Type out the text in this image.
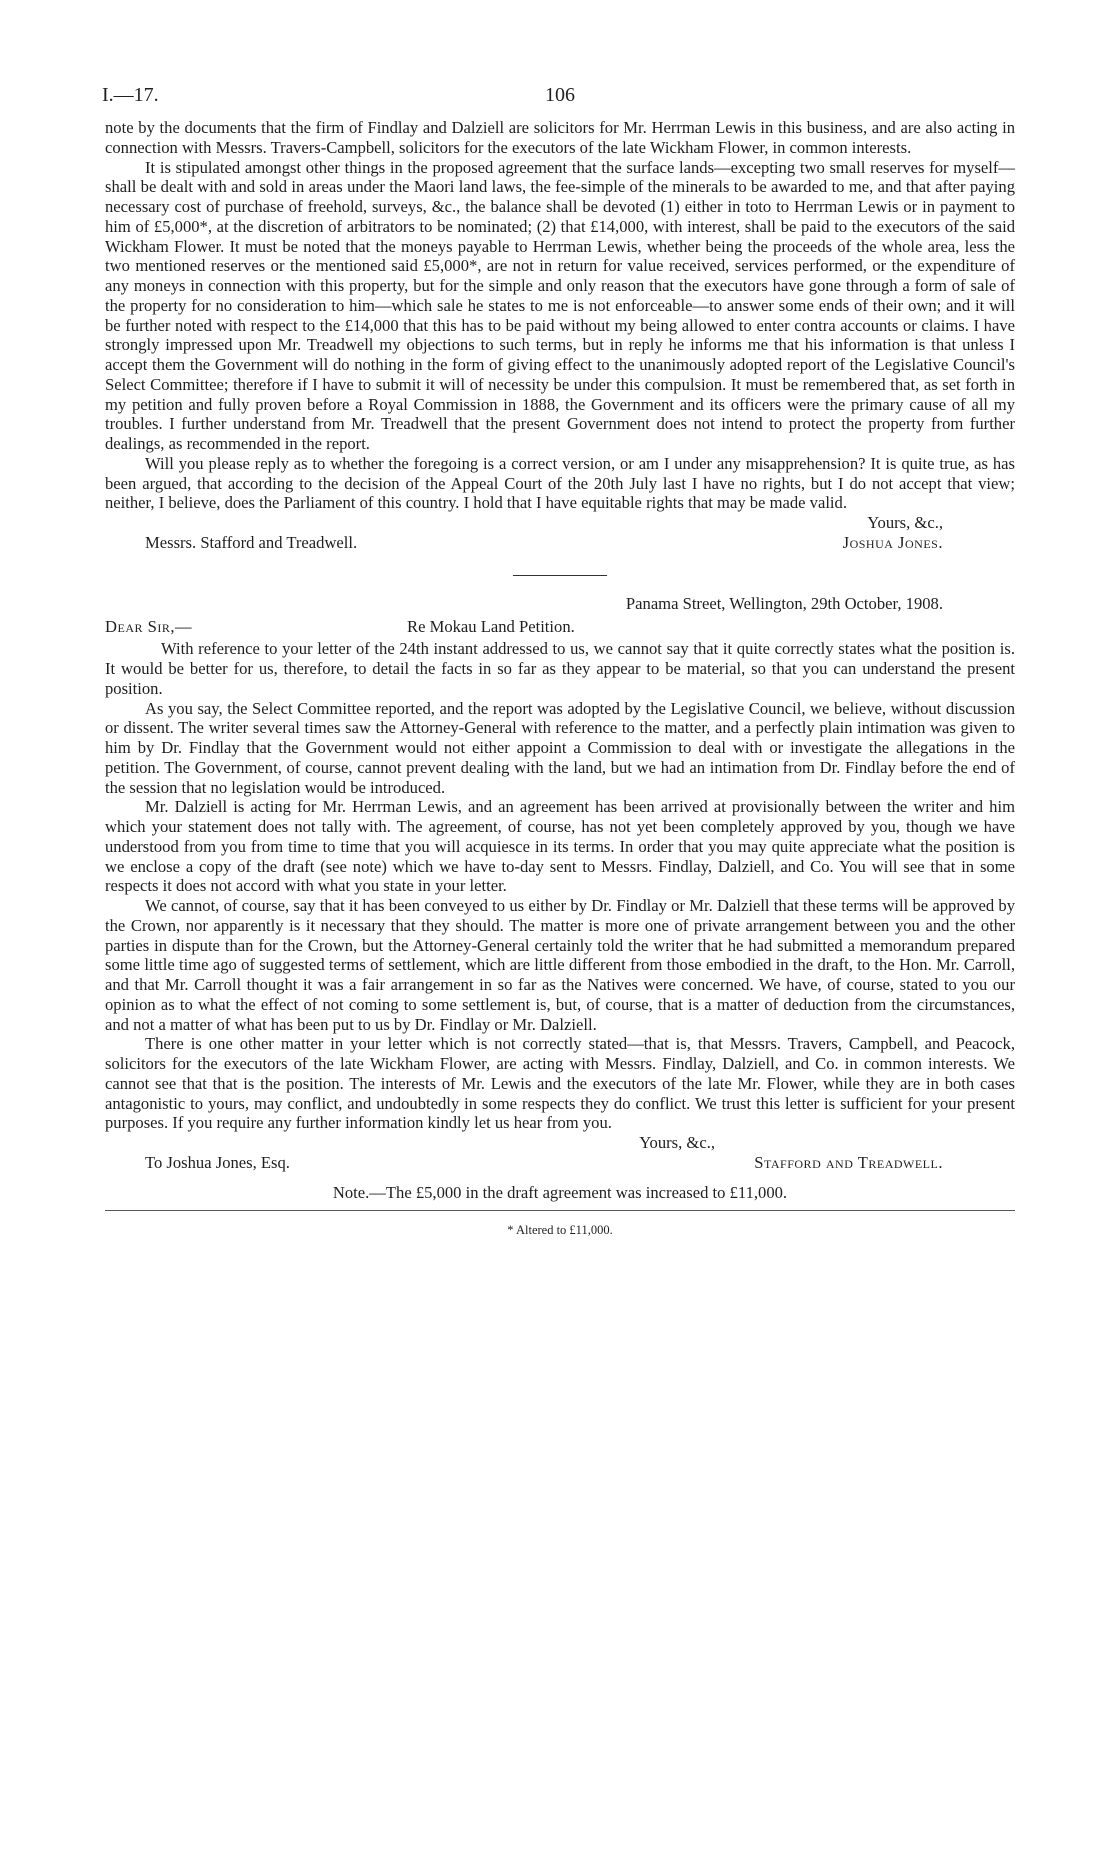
I.—17.	106

note by the documents that the firm of Findlay and Dalziell are solicitors for Mr. Herrman Lewis in this business, and are also acting in connection with Messrs. Travers-Campbell, solicitors for the executors of the late Wickham Flower, in common interests.

It is stipulated amongst other things in the proposed agreement that the surface lands—excepting two small reserves for myself—shall be dealt with and sold in areas under the Maori land laws, the fee-simple of the minerals to be awarded to me, and that after paying necessary cost of purchase of freehold, surveys, &c., the balance shall be devoted (1) either in toto to Herrman Lewis or in payment to him of £5,000*, at the discretion of arbitrators to be nominated; (2) that £14,000, with interest, shall be paid to the executors of the said Wickham Flower. It must be noted that the moneys payable to Herrman Lewis, whether being the proceeds of the whole area, less the two mentioned reserves or the mentioned said £5,000*, are not in return for value received, services performed, or the expenditure of any moneys in connection with this property, but for the simple and only reason that the executors have gone through a form of sale of the property for no consideration to him—which sale he states to me is not enforceable—to answer some ends of their own; and it will be further noted with respect to the £14,000 that this has to be paid without my being allowed to enter contra accounts or claims. I have strongly impressed upon Mr. Treadwell my objections to such terms, but in reply he informs me that his information is that unless I accept them the Government will do nothing in the form of giving effect to the unanimously adopted report of the Legislative Council's Select Committee; therefore if I have to submit it will of necessity be under this compulsion. It must be remembered that, as set forth in my petition and fully proven before a Royal Commission in 1888, the Government and its officers were the primary cause of all my troubles. I further understand from Mr. Treadwell that the present Government does not intend to protect the property from further dealings, as recommended in the report.

Will you please reply as to whether the foregoing is a correct version, or am I under any misapprehension? It is quite true, as has been argued, that according to the decision of the Appeal Court of the 20th July last I have no rights, but I do not accept that view; neither, I believe, does the Parliament of this country. I hold that I have equitable rights that may be made valid.

Yours, &c.,
Messrs. Stafford and Treadwell.	Joshua Jones.
Panama Street, Wellington, 29th October, 1908.
Dear Sir,—	Re Mokau Land Petition.

With reference to your letter of the 24th instant addressed to us, we cannot say that it quite correctly states what the position is. It would be better for us, therefore, to detail the facts in so far as they appear to be material, so that you can understand the present position.

As you say, the Select Committee reported, and the report was adopted by the Legislative Council, we believe, without discussion or dissent. The writer several times saw the Attorney-General with reference to the matter, and a perfectly plain intimation was given to him by Dr. Findlay that the Government would not either appoint a Commission to deal with or investigate the allegations in the petition. The Government, of course, cannot prevent dealing with the land, but we had an intimation from Dr. Findlay before the end of the session that no legislation would be introduced.

Mr. Dalziell is acting for Mr. Herrman Lewis, and an agreement has been arrived at provisionally between the writer and him which your statement does not tally with. The agreement, of course, has not yet been completely approved by you, though we have understood from you from time to time that you will acquiesce in its terms. In order that you may quite appreciate what the position is we enclose a copy of the draft (see note) which we have to-day sent to Messrs. Findlay, Dalziell, and Co. You will see that in some respects it does not accord with what you state in your letter.

We cannot, of course, say that it has been conveyed to us either by Dr. Findlay or Mr. Dalziell that these terms will be approved by the Crown, nor apparently is it necessary that they should. The matter is more one of private arrangement between you and the other parties in dispute than for the Crown, but the Attorney-General certainly told the writer that he had submitted a memorandum prepared some little time ago of suggested terms of settlement, which are little different from those embodied in the draft, to the Hon. Mr. Carroll, and that Mr. Carroll thought it was a fair arrangement in so far as the Natives were concerned. We have, of course, stated to you our opinion as to what the effect of not coming to some settlement is, but, of course, that is a matter of deduction from the circumstances, and not a matter of what has been put to us by Dr. Findlay or Mr. Dalziell.

There is one other matter in your letter which is not correctly stated—that is, that Messrs. Travers, Campbell, and Peacock, solicitors for the executors of the late Wickham Flower, are acting with Messrs. Findlay, Dalziell, and Co. in common interests. We cannot see that that is the position. The interests of Mr. Lewis and the executors of the late Mr. Flower, while they are in both cases antagonistic to yours, may conflict, and undoubtedly in some respects they do conflict. We trust this letter is sufficient for your present purposes. If you require any further information kindly let us hear from you.

Yours, &c.,
To Joshua Jones, Esq.	Stafford and Treadwell.
Note.—The £5,000 in the draft agreement was increased to £11,000.
* Altered to £11,000.
